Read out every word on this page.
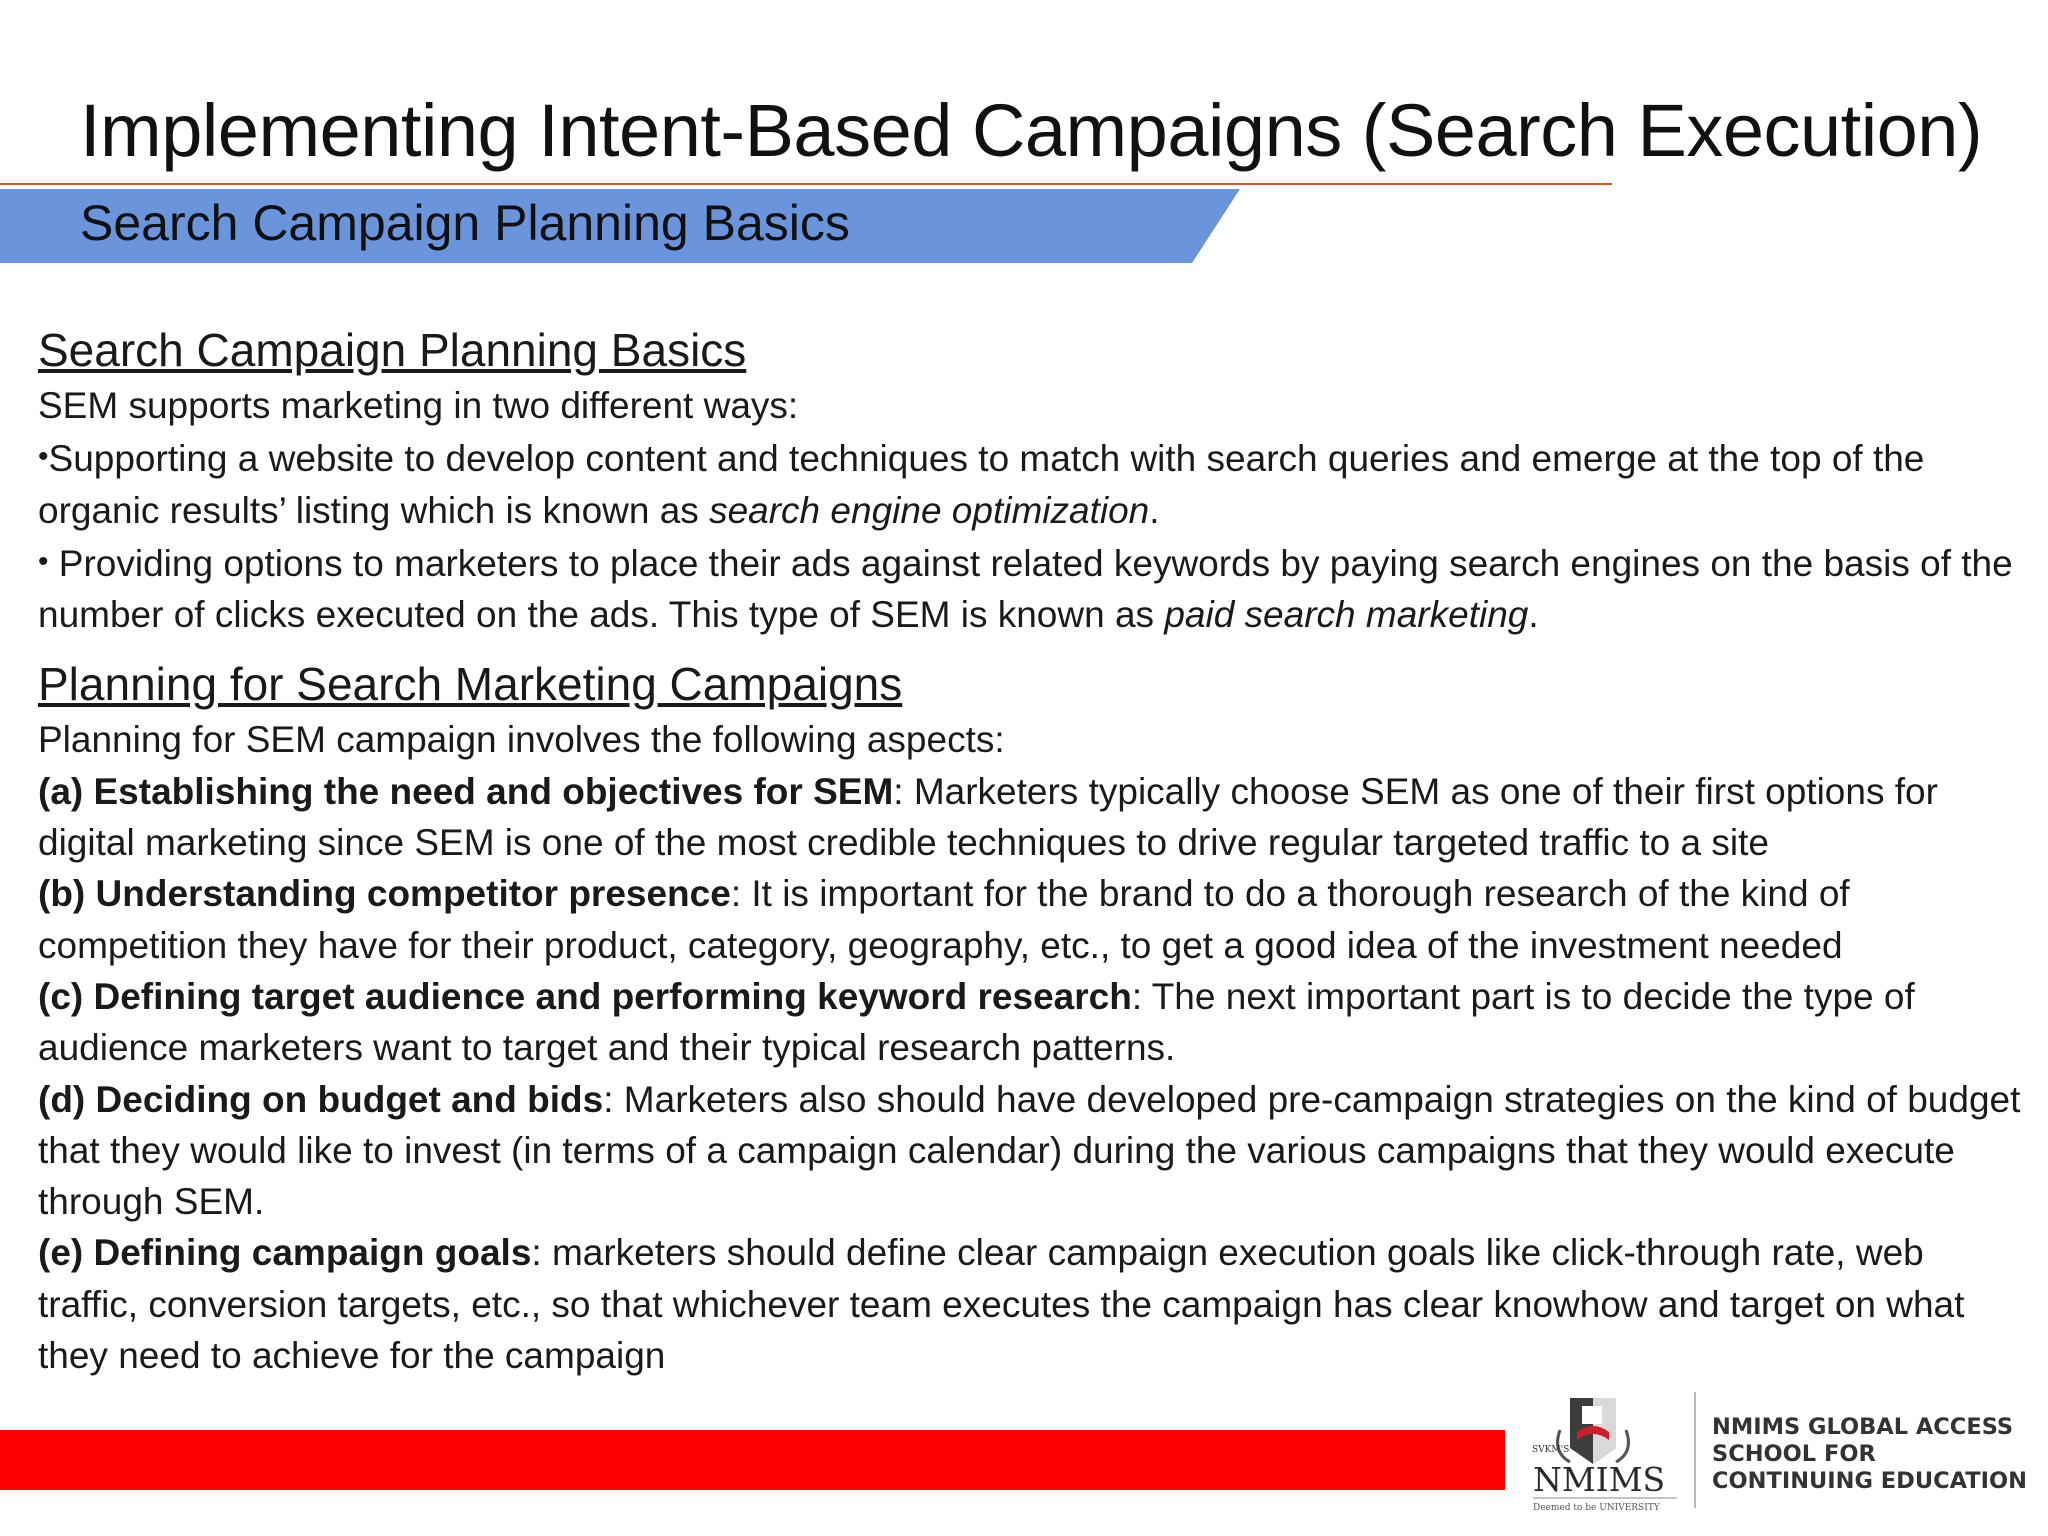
Implementing Intent-Based Campaigns (Search Execution)
Search Campaign Planning Basics

Search Campaign Planning Basics

SEM supports marketing in two different ways:

•Supporting a website to develop content and techniques to match with search queries and emerge at the top of the organic results’ listing which is known as search engine optimization.

• Providing options to marketers to place their ads against related keywords by paying search engines on the basis of the number of clicks executed on the ads. This type of SEM is known as paid search marketing.

Planning for Search Marketing Campaigns

Planning for SEM campaign involves the following aspects:

(a) Establishing the need and objectives for SEM: Marketers typically choose SEM as one of their first options for digital marketing since SEM is one of the most credible techniques to drive regular targeted traffic to a site

(b) Understanding competitor presence: It is important for the brand to do a thorough research of the kind of competition they have for their product, category, geography, etc., to get a good idea of the investment needed

(c) Defining target audience and performing keyword research: The next important part is to decide the type of audience marketers want to target and their typical research patterns.

(d) Deciding on budget and bids: Marketers also should have developed pre-campaign strategies on the kind of budget that they would like to invest (in terms of a campaign calendar) during the various campaigns that they would execute through SEM.

(e) Defining campaign goals: marketers should define clear campaign execution goals like click-through rate, web traffic, conversion targets, etc., so that whichever team executes the campaign has clear knowhow and target on what they need to achieve for the campaign

SVKM'S
NMIMS
Deemed to be UNIVERSITY
NMIMS GLOBAL ACCESS
SCHOOL FOR
CONTINUING EDUCATION
